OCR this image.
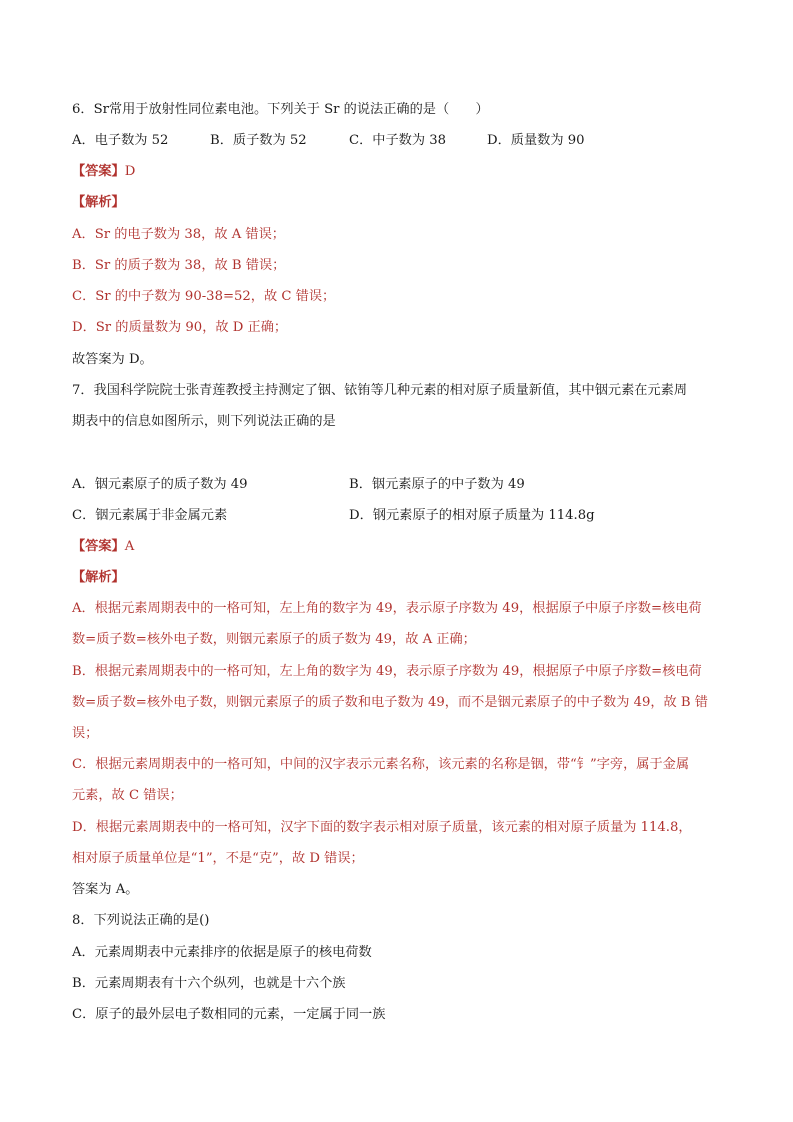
6．Sr常用于放射性同位素电池。下列关于 Sr 的说法正确的是（　　）
A．电子数为 52	B．质子数为 52	C．中子数为 38	D．质量数为 90
【答案】D
【解析】
A．Sr 的电子数为 38，故 A 错误；
B．Sr 的质子数为 38，故 B 错误；
C．Sr 的中子数为 90-38=52，故 C 错误；
D．Sr 的质量数为 90，故 D 正确；
故答案为 D。
7．我国科学院院士张青莲教授主持测定了铟、铱铕等几种元素的相对原子质量新值，其中铟元素在元素周
期表中的信息如图所示，则下列说法正确的是
A．铟元素原子的质子数为 49	B．铟元素原子的中子数为 49
C．铟元素属于非金属元素	D．钢元素原子的相对原子质量为 114.8g
【答案】A
【解析】
A．根据元素周期表中的一格可知，左上角的数字为 49，表示原子序数为 49，根据原子中原子序数=核电荷
数=质子数=核外电子数，则铟元素原子的质子数为 49，故 A 正确；
B．根据元素周期表中的一格可知，左上角的数字为 49，表示原子序数为 49，根据原子中原子序数=核电荷
数=质子数=核外电子数，则铟元素原子的质子数和电子数为 49，而不是铟元素原子的中子数为 49，故 B 错
误；
C．根据元素周期表中的一格可知，中间的汉字表示元素名称，该元素的名称是铟，带“钅”字旁，属于金属
元素，故 C 错误；
D．根据元素周期表中的一格可知，汉字下面的数字表示相对原子质量，该元素的相对原子质量为 114.8，
相对原子质量单位是“1”，不是“克”，故 D 错误；
答案为 A。
8．下列说法正确的是()
A．元素周期表中元素排序的依据是原子的核电荷数
B．元素周期表有十六个纵列，也就是十六个族
C．原子的最外层电子数相同的元素，一定属于同一族
